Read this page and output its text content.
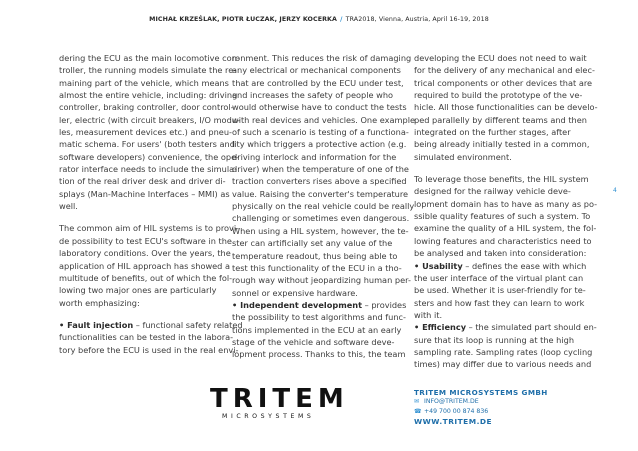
MICHAŁ KRZEŚLAK, PIOTR ŁUCZAK, JERZY KOCERKA / TRA2018, Vienna, Austria, April 16-19, 2018

dering the ECU as the main locomotive con-

troller, the running models simulate the re-

maining part of the vehicle, which means

almost the entire vehicle, including: driving

controller, braking controller, door control-

ler, electric (with circuit breakers, I/O modu-

les, measurement devices etc.) and pneu-

matic schema. For users' (both testers and

software developers) convenience, the ope-

rator interface needs to include the simula-

tion of the real driver desk and driver di-

splays (Man-Machine Interfaces – MMI) as

well.

The common aim of HIL systems is to provi-

de possibility to test ECU's software in the

laboratory conditions. Over the years, the

application of HIL approach has showed a

multitude of benefits, out of which the fol-

lowing two major ones are particularly

worth emphasizing:

• Fault injection – functional safety related

functionalities can be tested in the labora-

tory before the ECU is used in the real envi-

ronment. This reduces the risk of damaging

any electrical or mechanical components

that are controlled by the ECU under test,

and increases the safety of people who

would otherwise have to conduct the tests

with real devices and vehicles. One example

of such a scenario is testing of a functiona-

lity which triggers a protective action (e.g.

driving interlock and information for the

driver) when the temperature of one of the

traction converters rises above a specified

value. Raising the converter's temperature

physically on the real vehicle could be really

challenging or sometimes even dangerous.

When using a HIL system, however, the te-

ster can artificially set any value of the

temperature readout, thus being able to

test this functionality of the ECU in a tho-

rough way without jeopardizing human per-

sonnel or expensive hardware.

• Independent development – provides

the possibility to test algorithms and func-

tions implemented in the ECU at an early

stage of the vehicle and software deve-

lopment process. Thanks to this, the team

developing the ECU does not need to wait

for the delivery of any mechanical and elec-

trical components or other devices that are

required to build the prototype of the ve-

hicle. All those functionalities can be develo-

ped parallelly by different teams and then

integrated on the further stages, after

being already initially tested in a common,

simulated environment.

To leverage those benefits, the HIL system

designed for the railway vehicle deve-

lopment domain has to have as many as po-

ssible quality features of such a system. To

examine the quality of a HIL system, the fol-

lowing features and characteristics need to

be analysed and taken into consideration:

• Usability – defines the ease with which

the user interface of the virtual plant can

be used. Whether it is user-friendly for te-

sters and how fast they can learn to work

with it.

• Efficiency – the simulated part should en-

sure that its loop is running at the high

sampling rate. Sampling rates (loop cycling

times) may differ due to various needs and

4
TRITEM
MICROSYSTEMS
TRITEM MICROSYSTEMS GMBH
✉ INFO@TRITEM.DE
☎ +49 700 00 874 836
WWW.TRITEM.DE
